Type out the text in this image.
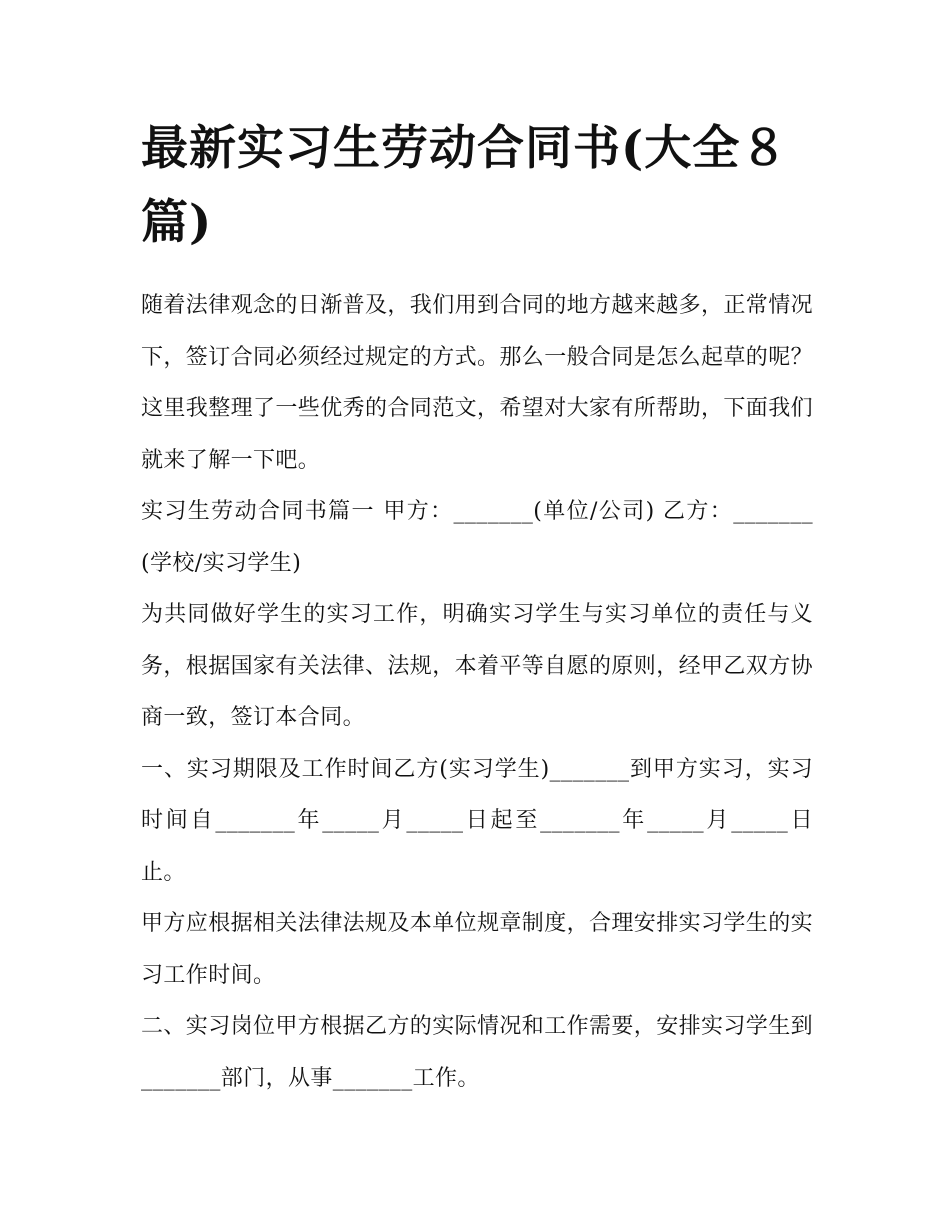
最新实习生劳动合同书(大全８篇)

随着法律观念的日渐普及，我们用到合同的地方越来越多，正常情况下，签订合同必须经过规定的方式。那么一般合同是怎么起草的呢？这里我整理了一些优秀的合同范文，希望对大家有所帮助，下面我们就来了解一下吧。

实习生劳动合同书篇一 甲方：_______(单位/公司) 乙方：_______(学校/实习学生)

为共同做好学生的实习工作，明确实习学生与实习单位的责任与义务，根据国家有关法律、法规，本着平等自愿的原则，经甲乙双方协商一致，签订本合同。

一、实习期限及工作时间乙方(实习学生)_______到甲方实习，实习时间自_______年_____月_____日起至_______年_____月_____日止。

甲方应根据相关法律法规及本单位规章制度，合理安排实习学生的实习工作时间。

二、实习岗位甲方根据乙方的实际情况和工作需要，安排实习学生到_______部门，从事_______工作。
